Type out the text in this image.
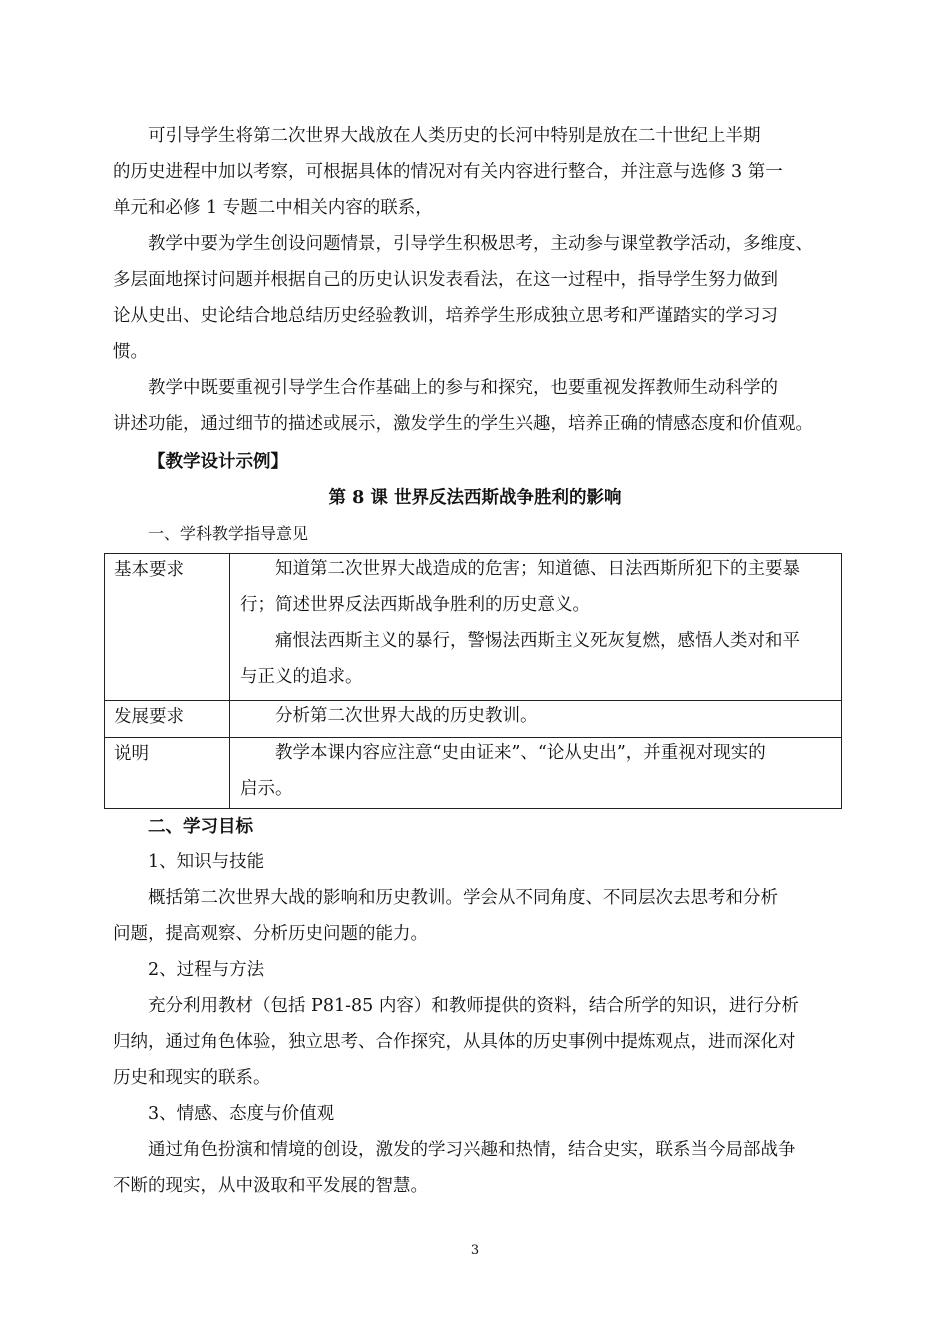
可引导学生将第二次世界大战放在人类历史的长河中特别是放在二十世纪上半期
的历史进程中加以考察，可根据具体的情况对有关内容进行整合，并注意与选修 3 第一
单元和必修 1 专题二中相关内容的联系，
教学中要为学生创设问题情景，引导学生积极思考，主动参与课堂教学活动，多维度、
多层面地探讨问题并根据自己的历史认识发表看法，在这一过程中，指导学生努力做到
论从史出、史论结合地总结历史经验教训，培养学生形成独立思考和严谨踏实的学习习
惯。
教学中既要重视引导学生合作基础上的参与和探究，也要重视发挥教师生动科学的
讲述功能，通过细节的描述或展示，激发学生的学生兴趣，培养正确的情感态度和价值观。
【教学设计示例】
第 8 课 世界反法西斯战争胜利的影响
一、学科教学指导意见
基本要求	知道第二次世界大战造成的危害；知道德、日法西斯所犯下的主要暴
行；简述世界反法西斯战争胜利的历史意义。
痛恨法西斯主义的暴行，警惕法西斯主义死灰复燃，感悟人类对和平
与正义的追求。

发展要求	分析第二次世界大战的历史教训。

说明	教学本课内容应注意“史由证来”、“论从史出”，并重视对现实的
启示。
二、学习目标
1、知识与技能
概括第二次世界大战的影响和历史教训。学会从不同角度、不同层次去思考和分析
问题，提高观察、分析历史问题的能力。
2、过程与方法
充分利用教材（包括 P81-85 内容）和教师提供的资料，结合所学的知识，进行分析
归纳，通过角色体验，独立思考、合作探究，从具体的历史事例中提炼观点，进而深化对
历史和现实的联系。
3、情感、态度与价值观
通过角色扮演和情境的创设，激发的学习兴趣和热情，结合史实，联系当今局部战争
不断的现实，从中汲取和平发展的智慧。
3
